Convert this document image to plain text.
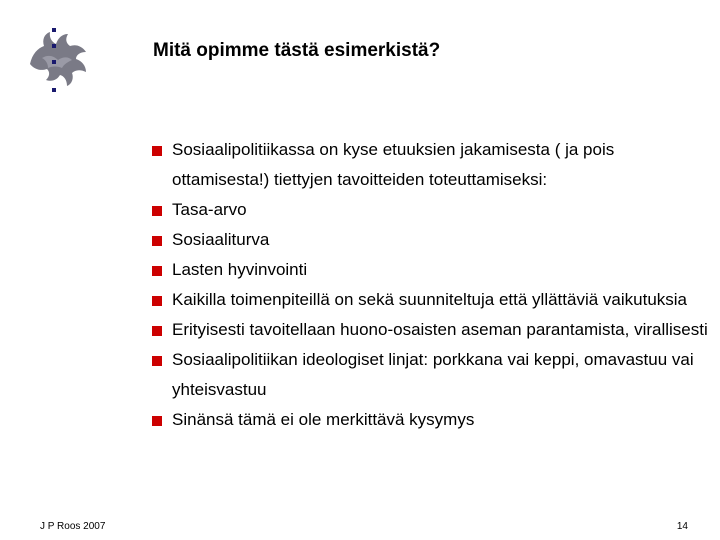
Mitä opimme tästä esimerkistä?
Sosiaalipolitiikassa on kyse etuuksien jakamisesta ( ja pois ottamisesta!) tiettyjen tavoitteiden toteuttamiseksi:
Tasa-arvo
Sosiaaliturva
Lasten hyvinvointi
Kaikilla toimenpiteillä on sekä suunniteltuja että yllättäviä vaikutuksia
Erityisesti tavoitellaan huono-osaisten aseman parantamista, virallisesti
Sosiaalipolitiikan ideologiset linjat: porkkana vai keppi, omavastuu vai yhteisvastuu
Sinänsä tämä ei ole merkittävä kysymys
J P Roos 2007	14
